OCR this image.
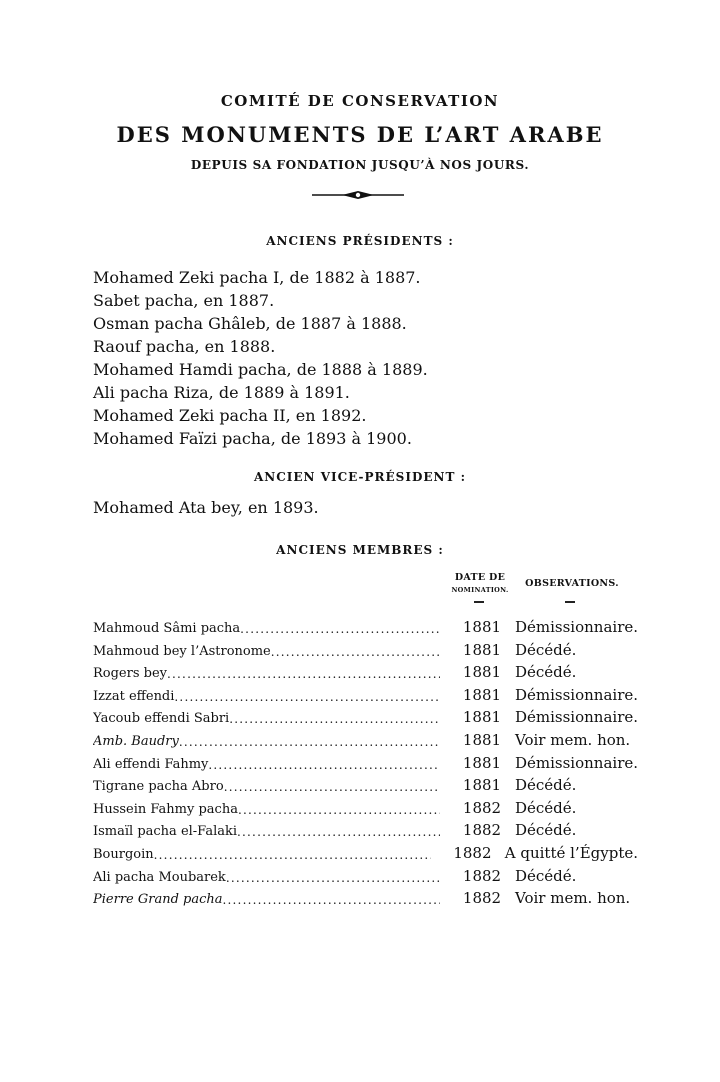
COMITÉ DE CONSERVATION
DES MONUMENTS DE L’ART ARABE
DEPUIS SA FONDATION JUSQU’À NOS JOURS.
ANCIENS PRÉSIDENTS :
Mohamed Zeki pacha I, de 1882 à 1887.
Sabet pacha, en 1887.
Osman pacha Ghâleb, de 1887 à 1888.
Raouf pacha, en 1888.
Mohamed Hamdi pacha, de 1888 à 1889.
Ali pacha Riza, de 1889 à 1891.
Mohamed Zeki pacha II, en 1892.
Mohamed Faïzi pacha, de 1893 à 1900.
ANCIEN VICE-PRÉSIDENT :
Mohamed Ata bey, en 1893.
ANCIENS MEMBRES :
DATE DE
NOMINATION.
OBSERVATIONS.
Mahmoud Sâmi pacha .....	1881 Démissionnaire.
Mahmoud bey l’Astronome .....	1881 Décédé.
Rogers bey .....	1881 Décédé.
Izzat effendi .....	1881 Démissionnaire.
Yacoub effendi Sabri .....	1881 Démissionnaire.
Amb. Baudry .....	1881 Voir mem. hon.
Ali effendi Fahmy .....	1881 Démissionnaire.
Tigrane pacha Abro .....	1881 Décédé.
Hussein Fahmy pacha .....	1882 Décédé.
Ismaïl pacha el-Falaki .....	1882 Décédé.
Bourgoin .....	1882 A quitté l’Égypte.
Ali pacha Moubarek .....	1882 Décédé.
Pierre Grand pacha .....	1882 Voir mem. hon.
